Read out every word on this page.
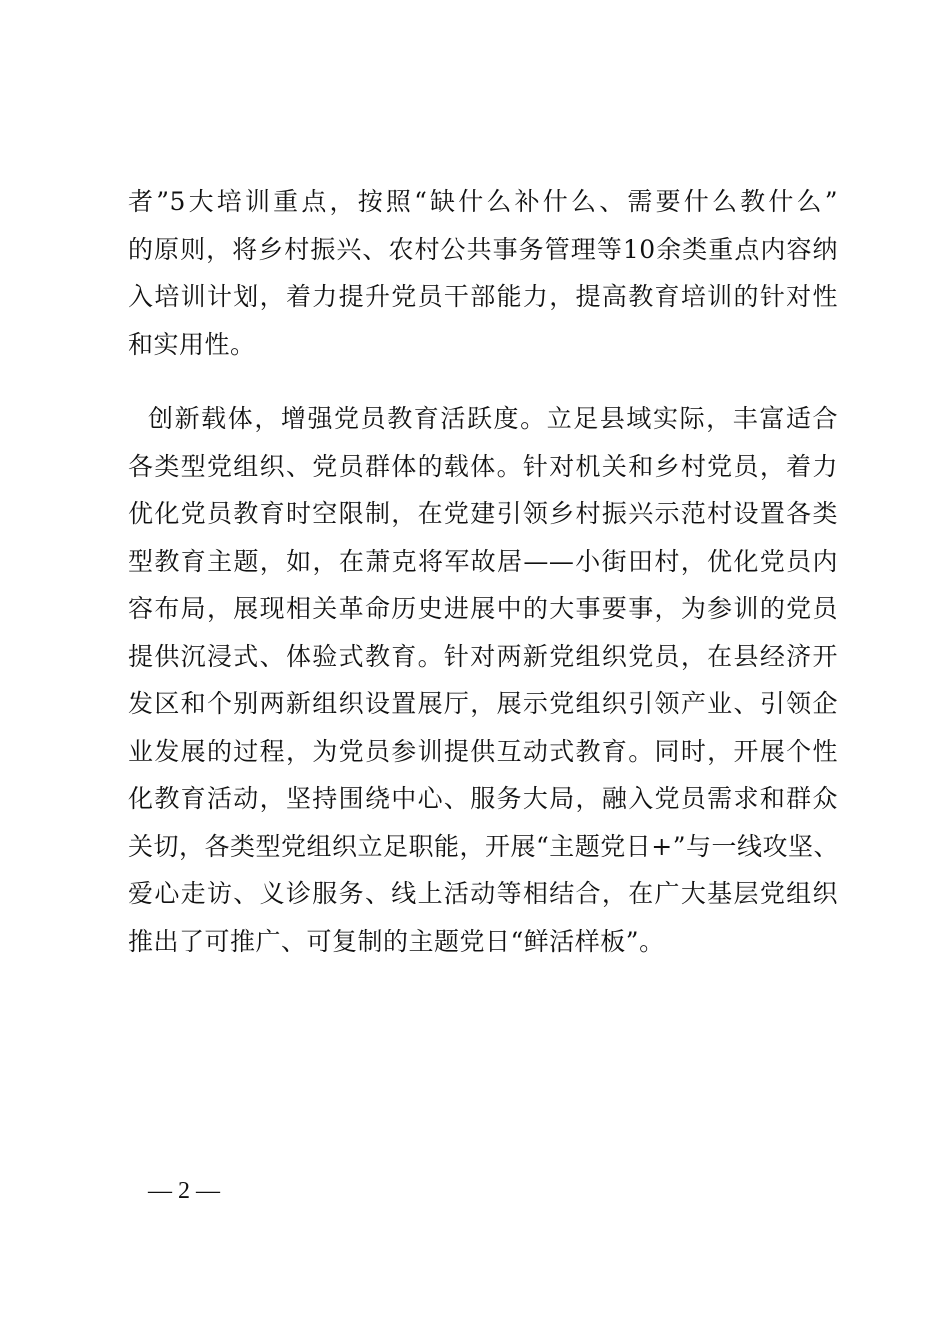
者”5大培训重点，按照“缺什么补什么、需要什么教什么”
的原则，将乡村振兴、农村公共事务管理等10余类重点内容纳
入培训计划，着力提升党员干部能力，提高教育培训的针对性
和实用性。
创新载体，增强党员教育活跃度。立足县域实际，丰富适合
各类型党组织、党员群体的载体。针对机关和乡村党员，着力
优化党员教育时空限制，在党建引领乡村振兴示范村设置各类
型教育主题，如，在萧克将军故居——小街田村，优化党员内
容布局，展现相关革命历史进展中的大事要事，为参训的党员
提供沉浸式、体验式教育。针对两新党组织党员，在县经济开
发区和个别两新组织设置展厅，展示党组织引领产业、引领企
业发展的过程，为党员参训提供互动式教育。同时，开展个性
化教育活动，坚持围绕中心、服务大局，融入党员需求和群众
关切，各类型党组织立足职能，开展“主题党日+”与一线攻坚、
爱心走访、义诊服务、线上活动等相结合，在广大基层党组织
推出了可推广、可复制的主题党日“鲜活样板”。
— 2 —
